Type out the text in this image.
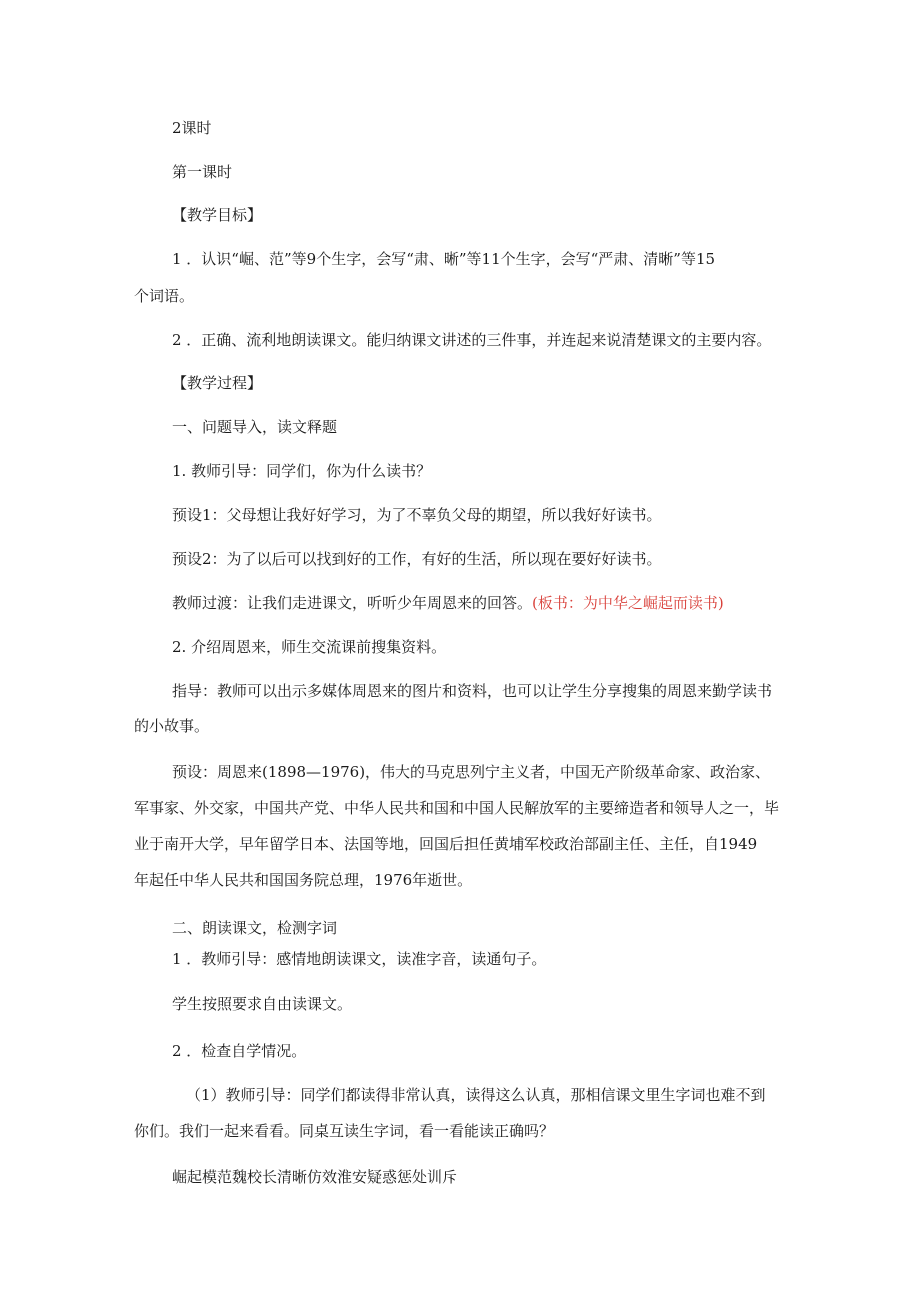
2课时
第一课时
【教学目标】
1 ．认识“崛、范”等9个生字，会写“肃、晰”等11个生字，会写“严肃、清晰”等15
个词语。
2 ．正确、流利地朗读课文。能归纳课文讲述的三件事，并连起来说清楚课文的主要内容。
【教学过程】
一、问题导入，读文释题
1. 教师引导：同学们，你为什么读书？
预设1：父母想让我好好学习，为了不辜负父母的期望，所以我好好读书。
预设2：为了以后可以找到好的工作，有好的生活，所以现在要好好读书。
教师过渡：让我们走进课文，听听少年周恩来的回答。(板书：为中华之崛起而读书)
2. 介绍周恩来，师生交流课前搜集资料。
指导：教师可以出示多媒体周恩来的图片和资料，也可以让学生分享搜集的周恩来勤学读书
的小故事。
预设：周恩来(1898—1976)，伟大的马克思列宁主义者，中国无产阶级革命家、政治家、
军事家、外交家，中国共产党、中华人民共和国和中国人民解放军的主要缔造者和领导人之一，毕
业于南开大学，早年留学日本、法国等地，回国后担任黄埔军校政治部副主任、主任，自1949
年起任中华人民共和国国务院总理，1976年逝世。
二、朗读课文，检测字词
1 ．教师引导：感情地朗读课文，读准字音，读通句子。
学生按照要求自由读课文。
2 ．检查自学情况。
（1）教师引导：同学们都读得非常认真，读得这么认真，那相信课文里生字词也难不到
你们。我们一起来看看。同桌互读生字词，看一看能读正确吗？
崛起模范魏校长清晰仿效淮安疑惑惩处训斥
